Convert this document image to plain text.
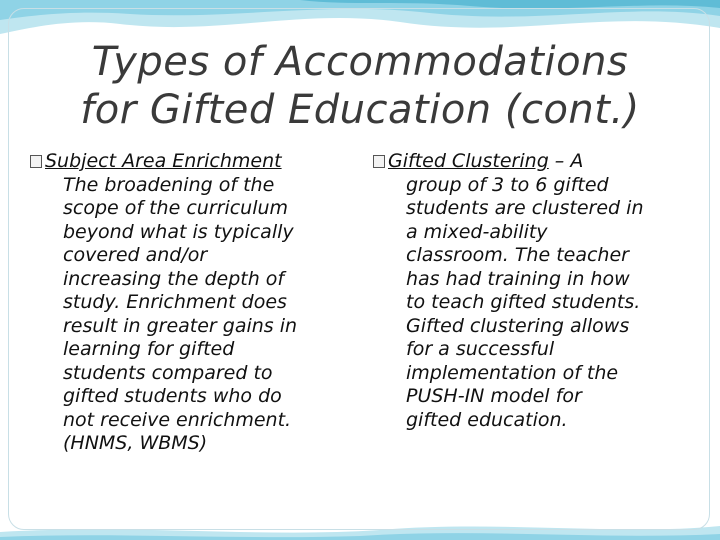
Types of Accommodations
for Gifted Education (cont.)
Subject Area Enrichment
The broadening of the
scope of the curriculum
beyond what is typically
covered and/or
increasing the depth of
study. Enrichment does
result in greater gains in
learning for gifted
students compared to
gifted students who do
not receive enrichment.
(HNMS, WBMS)
Gifted Clustering – A
group of 3 to 6 gifted
students are clustered in
a mixed-ability
classroom. The teacher
has had training in how
to teach gifted students.
Gifted clustering allows
for a successful
implementation of the
PUSH-IN model for
gifted education.
